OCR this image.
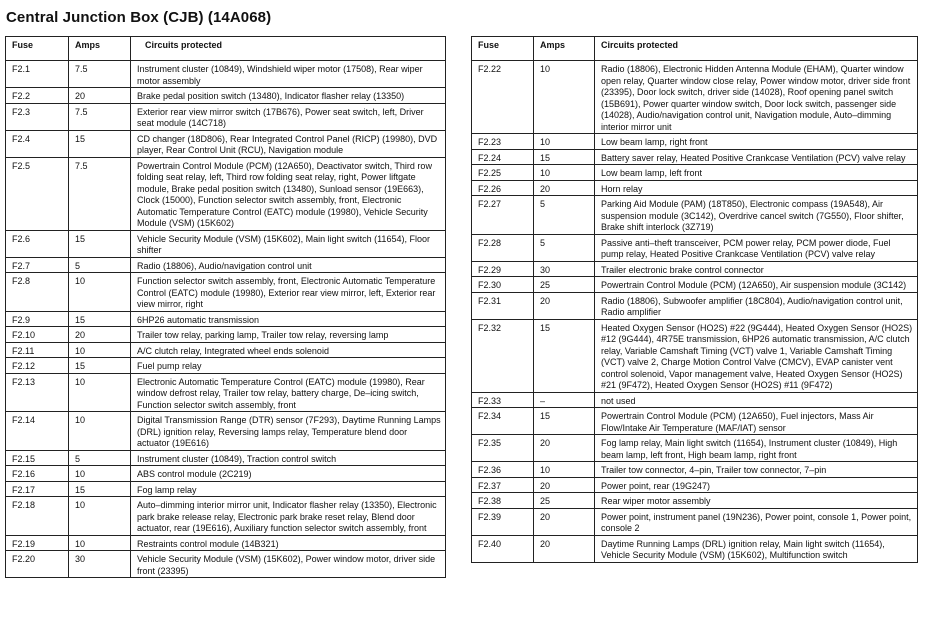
Central Junction Box (CJB) (14A068)
Fuse	Amps	Circuits protected
F2.1	7.5	Instrument cluster (10849), Windshield wiper motor (17508), Rear wiper motor assembly
F2.2	20	Brake pedal position switch (13480), Indicator flasher relay (13350)
F2.3	7.5	Exterior rear view mirror switch (17B676), Power seat switch, left, Driver seat module (14C718)
F2.4	15	CD changer (18D806), Rear Integrated Control Panel (RICP) (19980), DVD player, Rear Control Unit (RCU), Navigation module
F2.5	7.5	Powertrain Control Module (PCM) (12A650), Deactivator switch, Third row folding seat relay, left, Third row folding seat relay, right, Power liftgate module, Brake pedal position switch (13480), Sunload sensor (19E663), Clock (15000), Function selector switch assembly, front, Electronic Automatic Temperature Control (EATC) module (19980), Vehicle Security Module (VSM) (15K602)
F2.6	15	Vehicle Security Module (VSM) (15K602), Main light switch (11654), Floor shifter
F2.7	5	Radio (18806), Audio/navigation control unit
F2.8	10	Function selector switch assembly, front, Electronic Automatic Temperature Control (EATC) module (19980), Exterior rear view mirror, left, Exterior rear view mirror, right
F2.9	15	6HP26 automatic transmission
F2.10	20	Trailer tow relay, parking lamp, Trailer tow relay, reversing lamp
F2.11	10	A/C clutch relay, Integrated wheel ends solenoid
F2.12	15	Fuel pump relay
F2.13	10	Electronic Automatic Temperature Control (EATC) module (19980), Rear window defrost relay, Trailer tow relay, battery charge, De–icing switch, Function selector switch assembly, front
F2.14	10	Digital Transmission Range (DTR) sensor (7F293), Daytime Running Lamps (DRL) ignition relay, Reversing lamps relay, Temperature blend door actuator (19E616)
F2.15	5	Instrument cluster (10849), Traction control switch
F2.16	10	ABS control module (2C219)
F2.17	15	Fog lamp relay
F2.18	10	Auto–dimming interior mirror unit, Indicator flasher relay (13350), Electronic park brake release relay, Electronic park brake reset relay, Blend door actuator, rear (19E616), Auxiliary function selector switch assembly, front
F2.19	10	Restraints control module (14B321)
F2.20	30	Vehicle Security Module (VSM) (15K602), Power window motor, driver side front (23395)
Fuse	Amps	Circuits protected
F2.22	10	Radio (18806), Electronic Hidden Antenna Module (EHAM), Quarter window open relay, Quarter window close relay, Power window motor, driver side front (23395), Door lock switch, driver side (14028), Roof opening panel switch (15B691), Power quarter window switch, Door lock switch, passenger side (14028), Audio/navigation control unit, Navigation module, Auto–dimming interior mirror unit
F2.23	10	Low beam lamp, right front
F2.24	15	Battery saver relay, Heated Positive Crankcase Ventilation (PCV) valve relay
F2.25	10	Low beam lamp, left front
F2.26	20	Horn relay
F2.27	5	Parking Aid Module (PAM) (18T850), Electronic compass (19A548), Air suspension module (3C142), Overdrive cancel switch (7G550), Floor shifter, Brake shift interlock (3Z719)
F2.28	5	Passive anti–theft transceiver, PCM power relay, PCM power diode, Fuel pump relay, Heated Positive Crankcase Ventilation (PCV) valve relay
F2.29	30	Trailer electronic brake control connector
F2.30	25	Powertrain Control Module (PCM) (12A650), Air suspension module (3C142)
F2.31	20	Radio (18806), Subwoofer amplifier (18C804), Audio/navigation control unit, Radio amplifier
F2.32	15	Heated Oxygen Sensor (HO2S) #22 (9G444), Heated Oxygen Sensor (HO2S) #12 (9G444), 4R75E transmission, 6HP26 automatic transmission, A/C clutch relay, Variable Camshaft Timing (VCT) valve 1, Variable Camshaft Timing (VCT) valve 2, Charge Motion Control Valve (CMCV), EVAP canister vent control solenoid, Vapor management valve, Heated Oxygen Sensor (HO2S) #21 (9F472), Heated Oxygen Sensor (HO2S) #11 (9F472)
F2.33	–	not used
F2.34	15	Powertrain Control Module (PCM) (12A650), Fuel injectors, Mass Air Flow/Intake Air Temperature (MAF/IAT) sensor
F2.35	20	Fog lamp relay, Main light switch (11654), Instrument cluster (10849), High beam lamp, left front, High beam lamp, right front
F2.36	10	Trailer tow connector, 4–pin, Trailer tow connector, 7–pin
F2.37	20	Power point, rear (19G247)
F2.38	25	Rear wiper motor assembly
F2.39	20	Power point, instrument panel (19N236), Power point, console 1, Power point, console 2
F2.40	20	Daytime Running Lamps (DRL) ignition relay, Main light switch (11654), Vehicle Security Module (VSM) (15K602), Multifunction switch
